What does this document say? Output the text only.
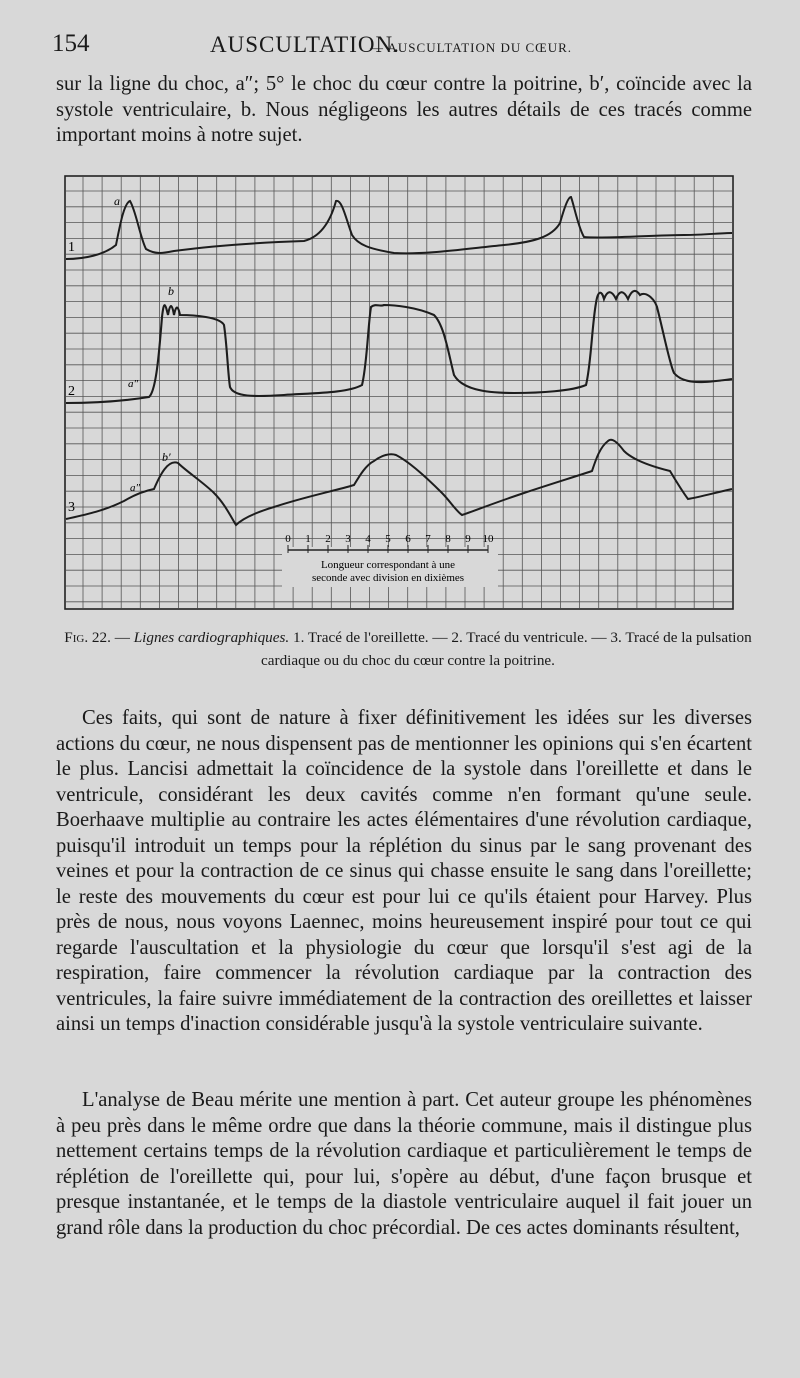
154	AUSCULTATION.
— AUSCULTATION DU CŒUR.

sur la ligne du choc, a″; 5° le choc du cœur contre la poitrine, b′, coïncide avec la systole ventriculaire, b. Nous négligeons les autres détails de ces tracés comme important moins à notre sujet.

1
2
3
a
b
a″
b′
a″
0 1 2 3 4 5 6 7 8 9 10
Longueur correspondant à une
seconde avec division en dixièmes
Fig. 22. — Lignes cardiographiques. 1. Tracé de l'oreillette. — 2. Tracé du ventricule. — 3. Tracé de la pulsation cardiaque ou du choc du cœur contre la poitrine.

Ces faits, qui sont de nature à fixer définitivement les idées sur les diverses actions du cœur, ne nous dispensent pas de mentionner les opinions qui s'en écartent le plus. Lancisi admettait la coïncidence de la systole dans l'oreillette et dans le ventricule, considérant les deux cavités comme n'en formant qu'une seule. Boerhaave multiplie au contraire les actes élémentaires d'une révolution cardiaque, puisqu'il introduit un temps pour la réplétion du sinus par le sang provenant des veines et pour la contraction de ce sinus qui chasse ensuite le sang dans l'oreillette; le reste des mouvements du cœur est pour lui ce qu'ils étaient pour Harvey. Plus près de nous, nous voyons Laennec, moins heureusement inspiré pour tout ce qui regarde l'auscultation et la physiologie du cœur que lorsqu'il s'est agi de la respiration, faire commencer la révolution cardiaque par la contraction des ventricules, la faire suivre immédiatement de la contraction des oreillettes et laisser ainsi un temps d'inaction considérable jusqu'à la systole ventriculaire suivante.

L'analyse de Beau mérite une mention à part. Cet auteur groupe les phénomènes à peu près dans le même ordre que dans la théorie commune, mais il distingue plus nettement certains temps de la révolution cardiaque et particulièrement le temps de réplétion de l'oreillette qui, pour lui, s'opère au début, d'une façon brusque et presque instantanée, et le temps de la diastole ventriculaire auquel il fait jouer un grand rôle dans la production du choc précordial. De ces actes dominants résultent,
